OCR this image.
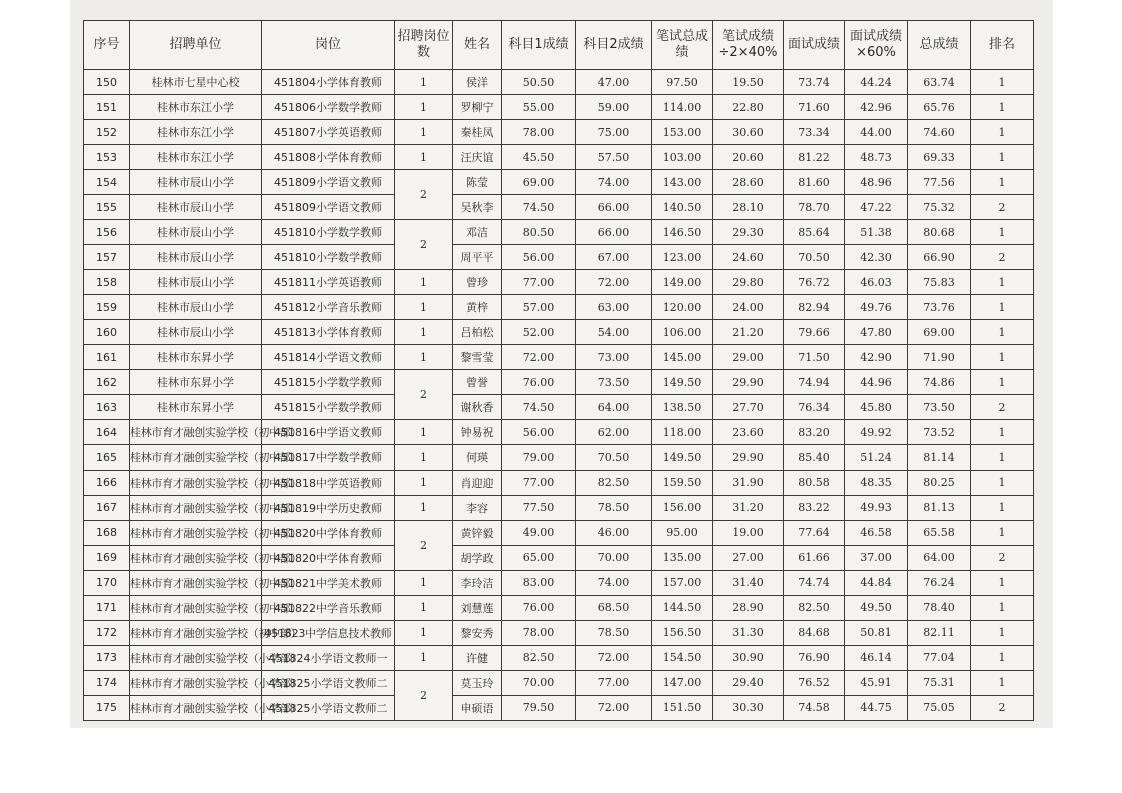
序号	招聘单位	岗位	招聘岗位数	姓名	科目1成绩	科目2成绩	笔试总成绩	笔试成绩÷2×40%	面试成绩	面试成绩×60%	总成绩	排名
150	桂林市七星中心校	451804小学体育教师	1	侯洋	50.50	47.00	97.50	19.50	73.74	44.24	63.74	1
151	桂林市东江小学	451806小学数学教师	1	罗柳宁	55.00	59.00	114.00	22.80	71.60	42.96	65.76	1
152	桂林市东江小学	451807小学英语教师	1	秦桂凤	78.00	75.00	153.00	30.60	73.34	44.00	74.60	1
153	桂林市东江小学	451808小学体育教师	1	汪庆谊	45.50	57.50	103.00	20.60	81.22	48.73	69.33	1
154	桂林市辰山小学	451809小学语文教师	2	陈莹	69.00	74.00	143.00	28.60	81.60	48.96	77.56	1
155	桂林市辰山小学	451809小学语文教师		吴秋李	74.50	66.00	140.50	28.10	78.70	47.22	75.32	2
156	桂林市辰山小学	451810小学数学教师	2	邓洁	80.50	66.00	146.50	29.30	85.64	51.38	80.68	1
157	桂林市辰山小学	451810小学数学教师		周平平	56.00	67.00	123.00	24.60	70.50	42.30	66.90	2
158	桂林市辰山小学	451811小学英语教师	1	曾珍	77.00	72.00	149.00	29.80	76.72	46.03	75.83	1
159	桂林市辰山小学	451812小学音乐教师	1	黄梓	57.00	63.00	120.00	24.00	82.94	49.76	73.76	1
160	桂林市辰山小学	451813小学体育教师	1	吕柏松	52.00	54.00	106.00	21.20	79.66	47.80	69.00	1
161	桂林市东昇小学	451814小学语文教师	1	黎雪莹	72.00	73.00	145.00	29.00	71.50	42.90	71.90	1
162	桂林市东昇小学	451815小学数学教师	2	曾誉	76.00	73.50	149.50	29.90	74.94	44.96	74.86	1
163	桂林市东昇小学	451815小学数学教师		谢秋香	74.50	64.00	138.50	27.70	76.34	45.80	73.50	2
164	桂林市育才融创实验学校（初中部）	451816中学语文教师	1	钟易祝	56.00	62.00	118.00	23.60	83.20	49.92	73.52	1
165	桂林市育才融创实验学校（初中部）	451817中学数学教师	1	何瑛	79.00	70.50	149.50	29.90	85.40	51.24	81.14	1
166	桂林市育才融创实验学校（初中部）	451818中学英语教师	1	肖迎迎	77.00	82.50	159.50	31.90	80.58	48.35	80.25	1
167	桂林市育才融创实验学校（初中部）	451819中学历史教师	1	李容	77.50	78.50	156.00	31.20	83.22	49.93	81.13	1
168	桂林市育才融创实验学校（初中部）	451820中学体育教师	2	黄锌毅	49.00	46.00	95.00	19.00	77.64	46.58	65.58	1
169	桂林市育才融创实验学校（初中部）	451820中学体育教师		胡学政	65.00	70.00	135.00	27.00	61.66	37.00	64.00	2
170	桂林市育才融创实验学校（初中部）	451821中学美术教师	1	李玲洁	83.00	74.00	157.00	31.40	74.74	44.84	76.24	1
171	桂林市育才融创实验学校（初中部）	451822中学音乐教师	1	刘慧莲	76.00	68.50	144.50	28.90	82.50	49.50	78.40	1
172	桂林市育才融创实验学校（初中部）	451823中学信息技术教师	1	黎安秀	78.00	78.50	156.50	31.30	84.68	50.81	82.11	1
173	桂林市育才融创实验学校（小学部）	451824小学语文教师一	1	许健	82.50	72.00	154.50	30.90	76.90	46.14	77.04	1
174	桂林市育才融创实验学校（小学部）	451825小学语文教师二	2	莫玉玲	70.00	77.00	147.00	29.40	76.52	45.91	75.31	1
175	桂林市育才融创实验学校（小学部）	451825小学语文教师二		申硕语	79.50	72.00	151.50	30.30	74.58	44.75	75.05	2
